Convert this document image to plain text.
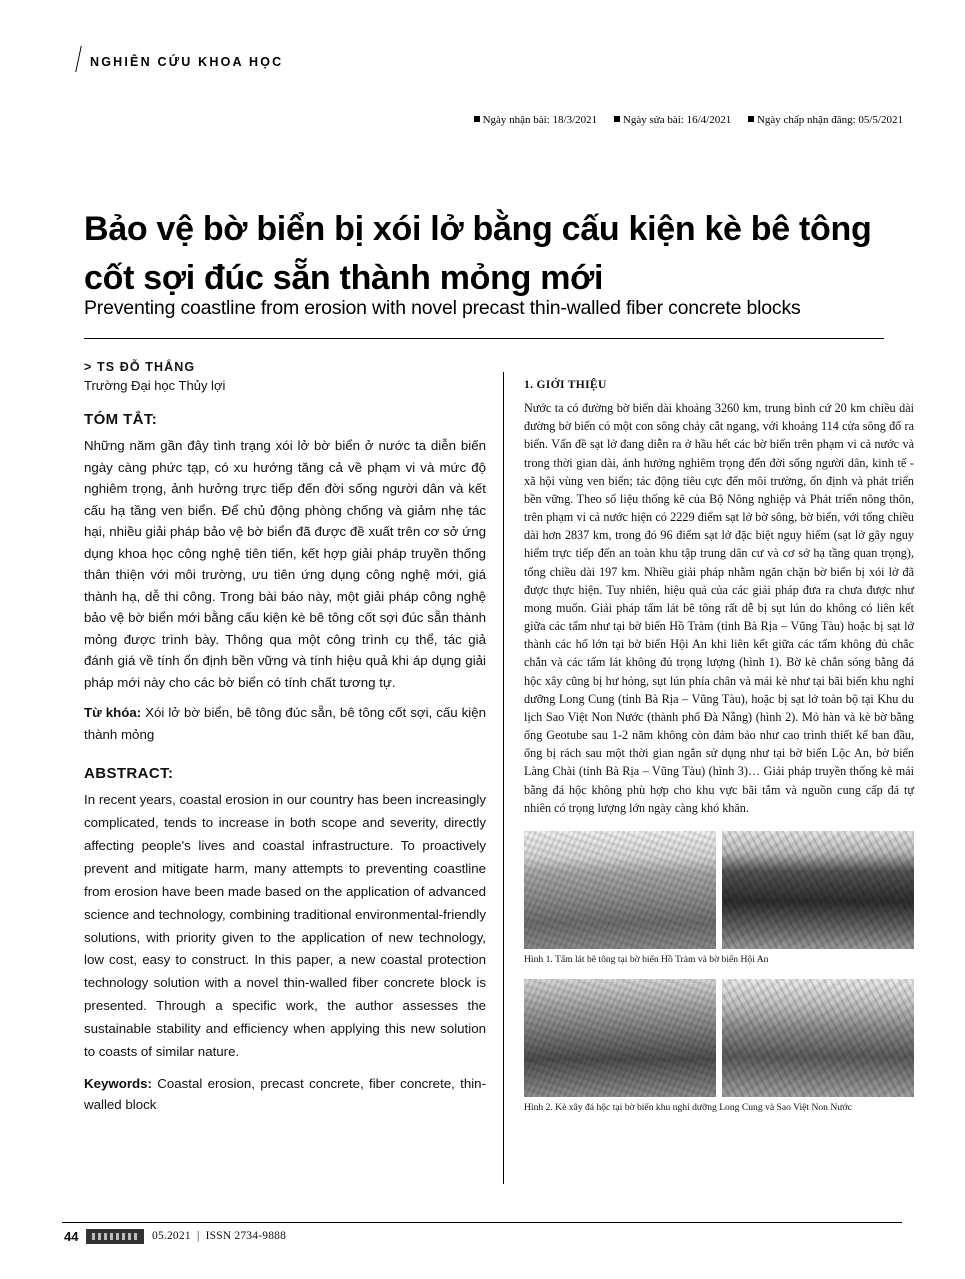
NGHIÊN CỨU KHOA HỌC
Ngày nhận bài: 18/3/2021 Ngày sửa bài: 16/4/2021 Ngày chấp nhận đăng: 05/5/2021
Bảo vệ bờ biển bị xói lở bằng cấu kiện kè bê tông cốt sợi đúc sẵn thành mỏng mới
Preventing coastline from erosion with novel precast thin-walled fiber concrete blocks
> TS ĐỖ THẮNG
Trường Đại học Thủy lợi
TÓM TẮT:
Những năm gần đây tình trạng xói lở bờ biển ở nước ta diễn biến ngày càng phức tạp, có xu hướng tăng cả về phạm vi và mức độ nghiêm trọng, ảnh hưởng trực tiếp đến đời sống người dân và kết cấu hạ tầng ven biển. Để chủ động phòng chống và giảm nhẹ tác hại, nhiều giải pháp bảo vệ bờ biển đã được đề xuất trên cơ sở ứng dụng khoa học công nghệ tiên tiến, kết hợp giải pháp truyền thống thân thiện với môi trường, ưu tiên ứng dụng công nghệ mới, giá thành hạ, dễ thi công. Trong bài báo này, một giải pháp công nghệ bảo vệ bờ biển mới bằng cấu kiện kè bê tông cốt sợi đúc sẵn thành mỏng được trình bày. Thông qua một công trình cụ thể, tác giả đánh giá về tính ổn định bền vững và tính hiệu quả khi áp dụng giải pháp mới này cho các bờ biển có tính chất tương tự.
Từ khóa: Xói lở bờ biển, bê tông đúc sẵn, bê tông cốt sợi, cấu kiện thành mỏng
ABSTRACT:
In recent years, coastal erosion in our country has been increasingly complicated, tends to increase in both scope and severity, directly affecting people's lives and coastal infrastructure. To proactively prevent and mitigate harm, many attempts to preventing coastline from erosion have been made based on the application of advanced science and technology, combining traditional environmental-friendly solutions, with priority given to the application of new technology, low cost, easy to construct. In this paper, a new coastal protection technology solution with a novel thin-walled fiber concrete block is presented. Through a specific work, the author assesses the sustainable stability and efficiency when applying this new solution to coasts of similar nature.
Keywords: Coastal erosion, precast concrete, fiber concrete, thin-walled block
1. GIỚI THIỆU
Nước ta có đường bờ biển dài khoảng 3260 km, trung bình cứ 20 km chiều dài đường bờ biển có một con sông chảy cắt ngang, với khoảng 114 cửa sông đổ ra biển. Vấn đề sạt lở đang diễn ra ở hầu hết các bờ biển trên phạm vi cả nước và trong thời gian dài, ảnh hưởng nghiêm trọng đến đời sống người dân, kinh tế - xã hội vùng ven biển; tác động tiêu cực đến môi trường, ổn định và phát triển bền vững. Theo số liệu thống kê của Bộ Nông nghiệp và Phát triển nông thôn, trên phạm vi cả nước hiện có 2229 điểm sạt lở bờ sông, bờ biển, với tổng chiều dài hơn 2837 km, trong đó 96 điểm sạt lở đặc biệt nguy hiểm (sạt lở gây nguy hiểm trực tiếp đến an toàn khu tập trung dân cư và cơ sở hạ tầng quan trọng), tổng chiều dài 197 km. Nhiều giải pháp nhằm ngăn chặn bờ biển bị xói lở đã được thực hiện. Tuy nhiên, hiệu quả của các giải pháp đưa ra chưa được như mong muốn. Giải pháp tấm lát bê tông rất dễ bị sụt lún do không có liên kết giữa các tấm như tại bờ biển Hồ Tràm (tỉnh Bà Rịa – Vũng Tàu) hoặc bị sạt lở thành các hố lớn tại bờ biển Hội An khi liên kết giữa các tấm không đủ chắc chắn và các tấm lát không đủ trọng lượng (hình 1). Bờ kè chắn sóng bằng đá hộc xây cũng bị hư hỏng, sụt lún phía chân và mái kè như tại bãi biển khu nghỉ dưỡng Long Cung (tỉnh Bà Rịa – Vũng Tàu), hoặc bị sạt lở toàn bộ tại Khu du lịch Sao Việt Non Nước (thành phố Đà Nẵng) (hình 2). Mỏ hàn và kè bờ bằng ống Geotube sau 1-2 năm không còn đảm bảo như cao trình thiết kế ban đầu, ống bị rách sau một thời gian ngắn sử dụng như tại bờ biển Lộc An, bờ biển Làng Chài (tỉnh Bà Rịa – Vũng Tàu) (hình 3)… Giải pháp truyền thống kè mái bằng đá hộc không phù hợp cho khu vực bãi tắm và nguồn cung cấp đá tự nhiên có trọng lượng lớn ngày càng khó khăn.
Hình 1. Tấm lát bê tông tại bờ biển Hồ Tràm và bờ biển Hội An
Hình 2. Kè xây đá hộc tại bờ biển khu nghỉ dưỡng Long Cung và Sao Việt Non Nước
44	05.2021 | ISSN 2734-9888
